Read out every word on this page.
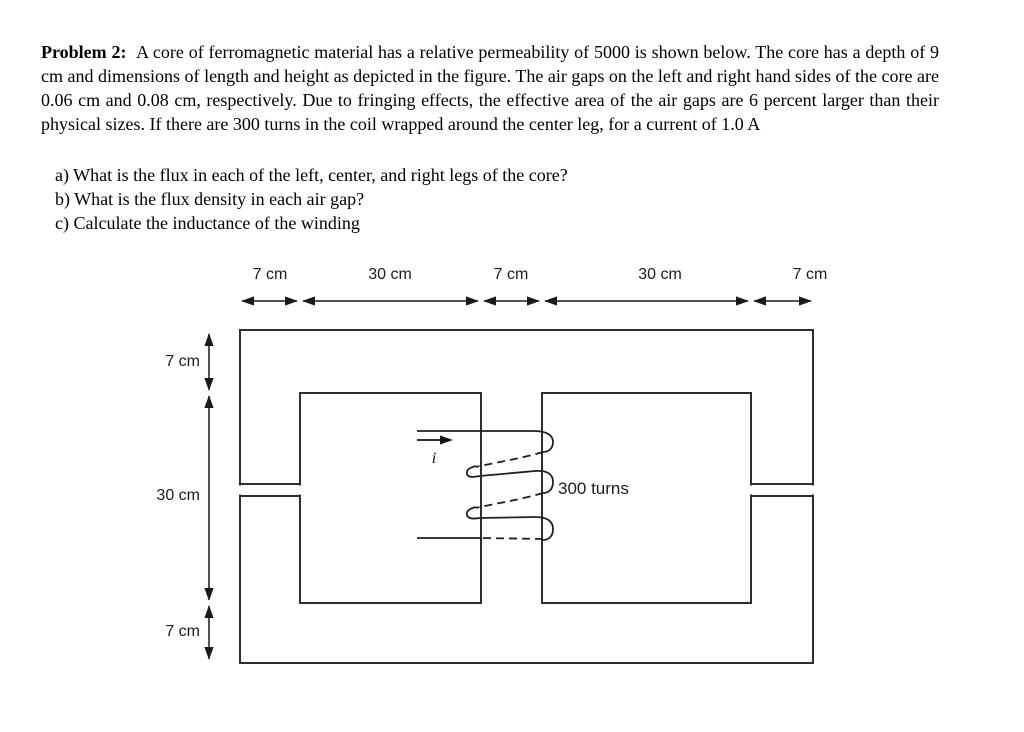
Problem 2: A core of ferromagnetic material has a relative permeability of 5000 is shown below. The core has a depth of 9 cm and dimensions of length and height as depicted in the figure. The air gaps on the left and right hand sides of the core are 0.06 cm and 0.08 cm, respectively. Due to fringing effects, the effective area of the air gaps are 6 percent larger than their physical sizes. If there are 300 turns in the coil wrapped around the center leg, for a current of 1.0 A

a) What is the flux in each of the left, center, and right legs of the core?
b) What is the flux density in each air gap?
c) Calculate the inductance of the winding
7 cm	30 cm	7 cm	30 cm	7 cm
7 cm
30 cm
7 cm
i
300 turns
